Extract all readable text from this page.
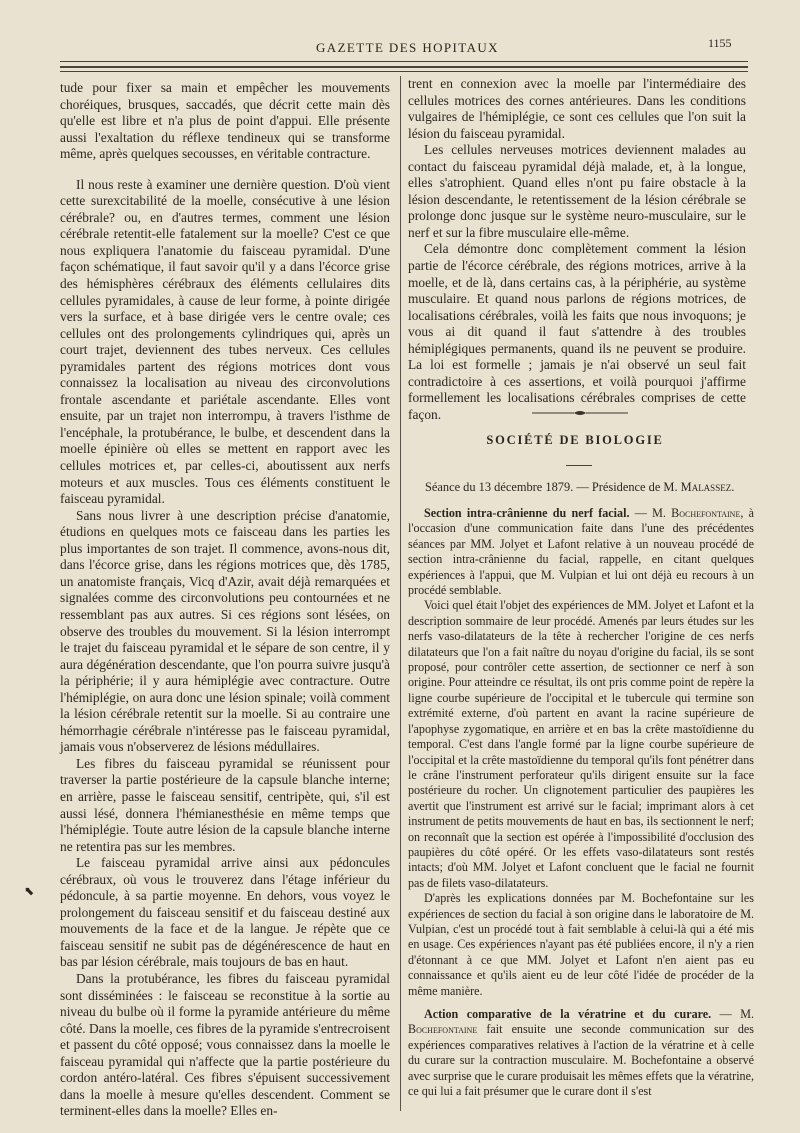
GAZETTE DES HOPITAUX	1155

tude pour fixer sa main et empêcher les mouvements choréiques, brusques, saccadés, que décrit cette main dès qu'elle est libre et n'a plus de point d'appui. Elle présente aussi l'exaltation du réflexe tendineux qui se transforme même, après quelques secousses, en véritable contracture.

Il nous reste à examiner une dernière question. D'où vient cette surexcitabilité de la moelle, consécutive à une lésion cérébrale? ou, en d'autres termes, comment une lésion cérébrale retentit-elle fatalement sur la moelle? C'est ce que nous expliquera l'anatomie du faisceau pyramidal. D'une façon schématique, il faut savoir qu'il y a dans l'écorce grise des hémisphères cérébraux des éléments cellulaires dits cellules pyramidales, à cause de leur forme, à pointe dirigée vers la surface, et à base dirigée vers le centre ovale; ces cellules ont des prolongements cylindriques qui, après un court trajet, deviennent des tubes nerveux. Ces cellules pyramidales partent des régions motrices dont vous connaissez la localisation au niveau des circonvolutions frontale ascendante et pariétale ascendante. Elles vont ensuite, par un trajet non interrompu, à travers l'isthme de l'encéphale, la protubérance, le bulbe, et descendent dans la moelle épinière où elles se mettent en rapport avec les cellules motrices et, par celles-ci, aboutissent aux nerfs moteurs et aux muscles. Tous ces éléments constituent le faisceau pyramidal.

Sans nous livrer à une description précise d'anatomie, étudions en quelques mots ce faisceau dans les parties les plus importantes de son trajet. Il commence, avons-nous dit, dans l'écorce grise, dans les régions motrices que, dès 1785, un anatomiste français, Vicq d'Azir, avait déjà remarquées et signalées comme des circonvolutions peu contournées et ne ressemblant pas aux autres. Si ces régions sont lésées, on observe des troubles du mouvement. Si la lésion interrompt le trajet du faisceau pyramidal et le sépare de son centre, il y aura dégénération descendante, que l'on pourra suivre jusqu'à la périphérie; il y aura hémiplégie avec contracture. Outre l'hémiplégie, on aura donc une lésion spinale; voilà comment la lésion cérébrale retentit sur la moelle. Si au contraire une hémorrhagie cérébrale n'intéresse pas le faisceau pyramidal, jamais vous n'observerez de lésions médullaires.

Les fibres du faisceau pyramidal se réunissent pour traverser la partie postérieure de la capsule blanche interne; en arrière, passe le faisceau sensitif, centripète, qui, s'il est aussi lésé, donnera l'hémianesthésie en même temps que l'hémiplégie. Toute autre lésion de la capsule blanche interne ne retentira pas sur les membres.

Le faisceau pyramidal arrive ainsi aux pédoncules cérébraux, où vous le trouverez dans l'étage inférieur du pédoncule, à sa partie moyenne. En dehors, vous voyez le prolongement du faisceau sensitif et du faisceau destiné aux mouvements de la face et de la langue. Je répète que ce faisceau sensitif ne subit pas de dégénérescence de haut en bas par lésion cérébrale, mais toujours de bas en haut.

Dans la protubérance, les fibres du faisceau pyramidal sont disséminées : le faisceau se reconstitue à la sortie au niveau du bulbe où il forme la pyramide antérieure du même côté. Dans la moelle, ces fibres de la pyramide s'entrecroisent et passent du côté opposé; vous connaissez dans la moelle le faisceau pyramidal qui n'affecte que la partie postérieure du cordon antéro-latéral. Ces fibres s'épuisent successivement dans la moelle à mesure qu'elles descendent. Comment se terminent-elles dans la moelle? Elles en-

⬉

trent en connexion avec la moelle par l'intermédiaire des cellules motrices des cornes antérieures. Dans les conditions vulgaires de l'hémiplégie, ce sont ces cellules que l'on suit la lésion du faisceau pyramidal.

Les cellules nerveuses motrices deviennent malades au contact du faisceau pyramidal déjà malade, et, à la longue, elles s'atrophient. Quand elles n'ont pu faire obstacle à la lésion descendante, le retentissement de la lésion cérébrale se prolonge donc jusque sur le système neuro-musculaire, sur le nerf et sur la fibre musculaire elle-même.

Cela démontre donc complètement comment la lésion partie de l'écorce cérébrale, des régions motrices, arrive à la moelle, et de là, dans certains cas, à la périphérie, au système musculaire. Et quand nous parlons de régions motrices, de localisations cérébrales, voilà les faits que nous invoquons; je vous ai dit quand il faut s'attendre à des troubles hémiplégiques permanents, quand ils ne peuvent se produire. La loi est formelle ; jamais je n'ai observé un seul fait contradictoire à ces assertions, et voilà pourquoi j'affirme formellement les localisations cérébrales comprises de cette façon.

SOCIÉTÉ DE BIOLOGIE
Séance du 13 décembre 1879. — Présidence de M. Malassez.

Section intra-crânienne du nerf facial. — M. Bochefontaine, à l'occasion d'une communication faite dans l'une des précédentes séances par MM. Jolyet et Lafont relative à un nouveau procédé de section intra-crânienne du facial, rappelle, en citant quelques expériences à l'appui, que M. Vulpian et lui ont déjà eu recours à un procédé semblable.

Voici quel était l'objet des expériences de MM. Jolyet et Lafont et la description sommaire de leur procédé. Amenés par leurs études sur les nerfs vaso-dilatateurs de la tête à rechercher l'origine de ces nerfs dilatateurs que l'on a fait naître du noyau d'origine du facial, ils se sont proposé, pour contrôler cette assertion, de sectionner ce nerf à son origine. Pour atteindre ce résultat, ils ont pris comme point de repère la ligne courbe supérieure de l'occipital et le tubercule qui termine son extrémité externe, d'où partent en avant la racine supérieure de l'apophyse zygomatique, en arrière et en bas la crête mastoïdienne du temporal. C'est dans l'angle formé par la ligne courbe supérieure de l'occipital et la crête mastoïdienne du temporal qu'ils font pénétrer dans le crâne l'instrument perforateur qu'ils dirigent ensuite sur la face postérieure du rocher. Un clignotement particulier des paupières les avertit que l'instrument est arrivé sur le facial; imprimant alors à cet instrument de petits mouvements de haut en bas, ils sectionnent le nerf; on reconnaît que la section est opérée à l'impossibilité d'occlusion des paupières du côté opéré. Or les effets vaso-dilatateurs sont restés intacts; d'où MM. Jolyet et Lafont concluent que le facial ne fournit pas de filets vaso-dilatateurs.

D'après les explications données par M. Bochefontaine sur les expériences de section du facial à son origine dans le laboratoire de M. Vulpian, c'est un procédé tout à fait semblable à celui-là qui a été mis en usage. Ces expériences n'ayant pas été publiées encore, il n'y a rien d'étonnant à ce que MM. Jolyet et Lafont n'en aient pas eu connaissance et qu'ils aient eu de leur côté l'idée de procéder de la même manière.

Action comparative de la vératrine et du curare. — M. Bochefontaine fait ensuite une seconde communication sur des expériences comparatives relatives à l'action de la vératrine et à celle du curare sur la contraction musculaire. M. Bochefontaine a observé avec surprise que le curare produisait les mêmes effets que la vératrine, ce qui lui a fait présumer que le curare dont il s'est
